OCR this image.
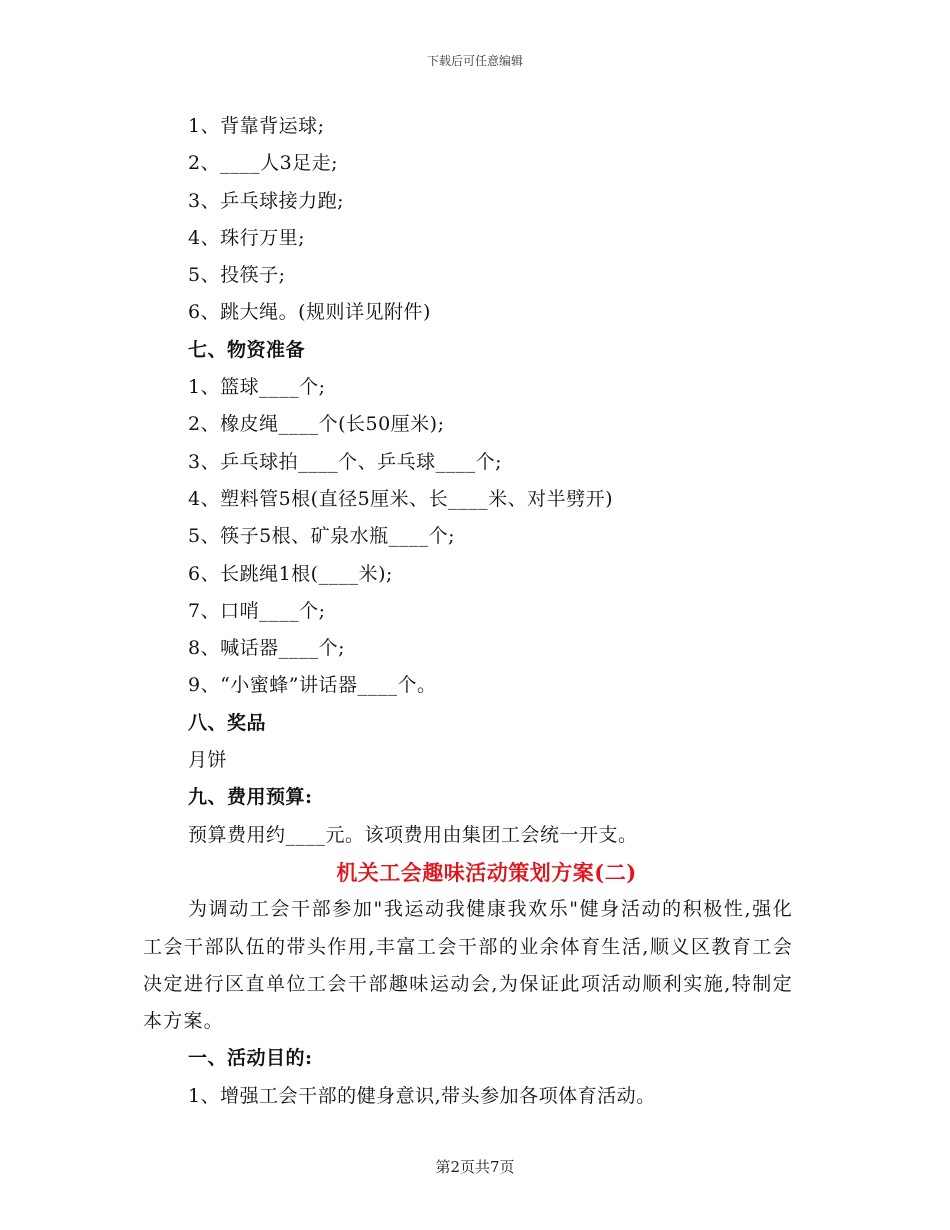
下载后可任意编辑
1、背靠背运球;
2、____人3足走;
3、乒乓球接力跑;
4、珠行万里;
5、投筷子;
6、跳大绳。(规则详见附件)
七、物资准备
1、篮球____个;
2、橡皮绳____个(长50厘米);
3、乒乓球拍____个、乒乓球____个;
4、塑料管5根(直径5厘米、长____米、对半劈开)
5、筷子5根、矿泉水瓶____个;
6、长跳绳1根(____米);
7、口哨____个;
8、喊话器____个;
9、“小蜜蜂”讲话器____个。
八、奖品
月饼
九、费用预算:
预算费用约____元。该项费用由集团工会统一开支。
机关工会趣味活动策划方案(二)
为调动工会干部参加"我运动我健康我欢乐"健身活动的积极性,强化工会干部队伍的带头作用,丰富工会干部的业余体育生活,顺义区教育工会决定进行区直单位工会干部趣味运动会,为保证此项活动顺利实施,特制定本方案。
一、活动目的:
1、增强工会干部的健身意识,带头参加各项体育活动。
第2页共7页
